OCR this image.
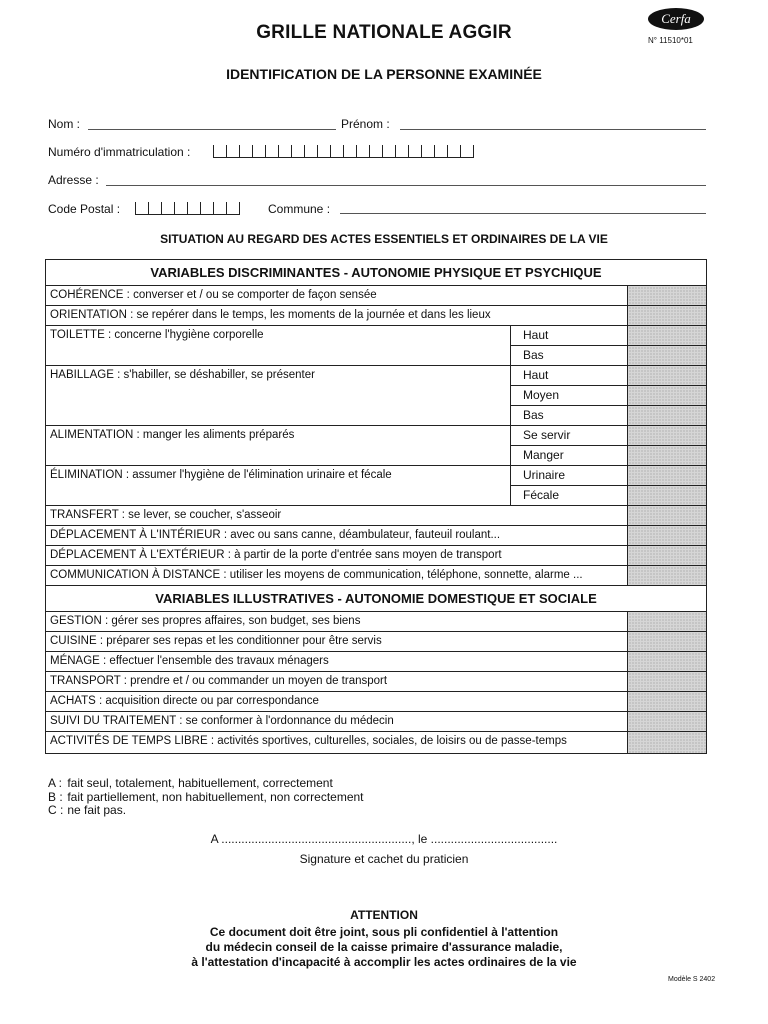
GRILLE NATIONALE AGGIR
Cerfa
N° 11510*01
IDENTIFICATION DE LA PERSONNE EXAMINÉE
Nom :	Prénom :
Numéro d'immatriculation :
Adresse :
Code Postal :	Commune :
SITUATION AU REGARD DES ACTES ESSENTIELS ET ORDINAIRES DE LA VIE
VARIABLES DISCRIMINANTES - AUTONOMIE PHYSIQUE ET PSYCHIQUE		
COHÉRENCE : converser et / ou se comporter de façon sensée		
ORIENTATION : se repérer dans le temps, les moments de la journée et dans les lieux		
TOILETTE : concerne l'hygiène corporelle	Haut	
	Bas	
HABILLAGE : s'habiller, se déshabiller, se présenter	Haut	
	Moyen	
	Bas	
ALIMENTATION : manger les aliments préparés	Se servir	
	Manger	
ÉLIMINATION : assumer l'hygiène de l'élimination urinaire et fécale	Urinaire	
	Fécale	
TRANSFERT : se lever, se coucher, s'asseoir		
DÉPLACEMENT À L'INTÉRIEUR : avec ou sans canne, déambulateur, fauteuil roulant...		
DÉPLACEMENT À L'EXTÉRIEUR : à partir de la porte d'entrée sans moyen de transport		
COMMUNICATION À DISTANCE : utiliser les moyens de communication, téléphone, sonnette, alarme ...		
VARIABLES ILLUSTRATIVES - AUTONOMIE DOMESTIQUE ET SOCIALE		
GESTION : gérer ses propres affaires, son budget, ses biens		
CUISINE : préparer ses repas et les conditionner pour être servis		
MÉNAGE : effectuer l'ensemble des travaux ménagers		
TRANSPORT : prendre et / ou commander un moyen de transport		
ACHATS : acquisition directe ou par correspondance		
SUIVI DU TRAITEMENT : se conformer à l'ordonnance du médecin		
ACTIVITÉS DE TEMPS LIBRE : activités sportives, culturelles, sociales, de loisirs ou de passe-temps		
A : fait seul, totalement, habituellement, correctement
B : fait partiellement, non habituellement, non correctement
C : ne fait pas.
A ........................................................., le ......................................
Signature et cachet du praticien
ATTENTION
Ce document doit être joint, sous pli confidentiel à l'attention
du médecin conseil de la caisse primaire d'assurance maladie,
à l'attestation d'incapacité à accomplir les actes ordinaires de la vie
Modèle S 2402
